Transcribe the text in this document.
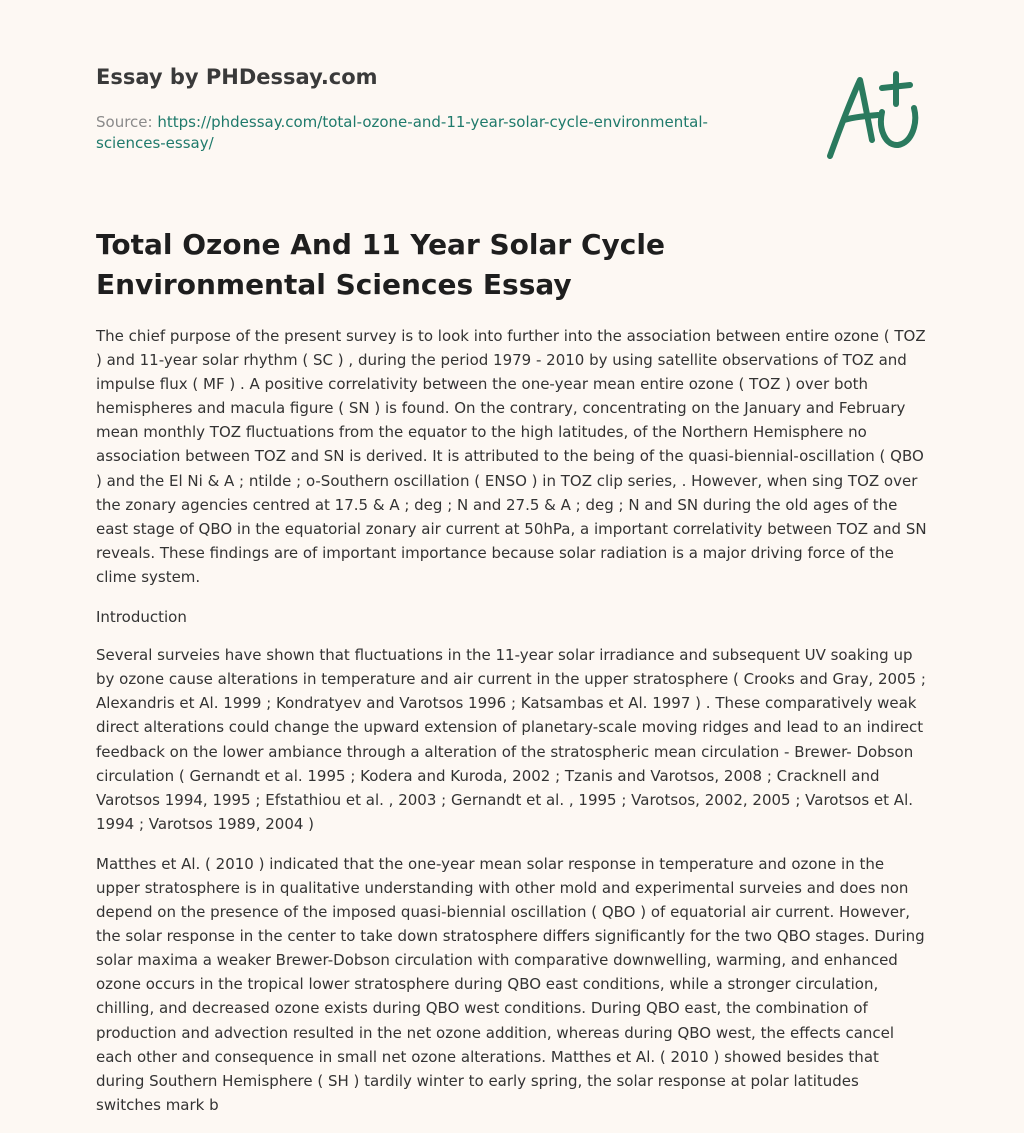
Essay by PHDessay.com
Source: https://phdessay.com/total-ozone-and-11-year-solar-cycle-environmental-sciences-essay/
Total Ozone And 11 Year Solar Cycle Environmental Sciences Essay

The chief purpose of the present survey is to look into further into the association between entire ozone ( TOZ ) and 11-year solar rhythm ( SC ) , during the period 1979 - 2010 by using satellite observations of TOZ and impulse flux ( MF ) . A positive correlativity between the one-year mean entire ozone ( TOZ ) over both hemispheres and macula figure ( SN ) is found. On the contrary, concentrating on the January and February mean monthly TOZ fluctuations from the equator to the high latitudes, of the Northern Hemisphere no association between TOZ and SN is derived. It is attributed to the being of the quasi-biennial-oscillation ( QBO ) and the El Ni & A ; ntilde ; o-Southern oscillation ( ENSO ) in TOZ clip series, . However, when sing TOZ over the zonary agencies centred at 17.5 & A ; deg ; N and 27.5 & A ; deg ; N and SN during the old ages of the east stage of QBO in the equatorial zonary air current at 50hPa, a important correlativity between TOZ and SN reveals. These findings are of important importance because solar radiation is a major driving force of the clime system.

Introduction

Several surveies have shown that fluctuations in the 11-year solar irradiance and subsequent UV soaking up by ozone cause alterations in temperature and air current in the upper stratosphere ( Crooks and Gray, 2005 ; Alexandris et Al. 1999 ; Kondratyev and Varotsos 1996 ; Katsambas et Al. 1997 ) . These comparatively weak direct alterations could change the upward extension of planetary-scale moving ridges and lead to an indirect feedback on the lower ambiance through a alteration of the stratospheric mean circulation - Brewer- Dobson circulation ( Gernandt et al. 1995 ; Kodera and Kuroda, 2002 ; Tzanis and Varotsos, 2008 ; Cracknell and Varotsos 1994, 1995 ; Efstathiou et al. , 2003 ; Gernandt et al. , 1995 ; Varotsos, 2002, 2005 ; Varotsos et Al. 1994 ; Varotsos 1989, 2004 )

Matthes et Al. ( 2010 ) indicated that the one-year mean solar response in temperature and ozone in the upper stratosphere is in qualitative understanding with other mold and experimental surveies and does non depend on the presence of the imposed quasi-biennial oscillation ( QBO ) of equatorial air current. However, the solar response in the center to take down stratosphere differs significantly for the two QBO stages. During solar maxima a weaker Brewer-Dobson circulation with comparative downwelling, warming, and enhanced ozone occurs in the tropical lower stratosphere during QBO east conditions, while a stronger circulation, chilling, and decreased ozone exists during QBO west conditions. During QBO east, the combination of production and advection resulted in the net ozone addition, whereas during QBO west, the effects cancel each other and consequence in small net ozone alterations. Matthes et Al. ( 2010 ) showed besides that during Southern Hemisphere ( SH ) tardily winter to early spring, the solar response at polar latitudes switches mark b
